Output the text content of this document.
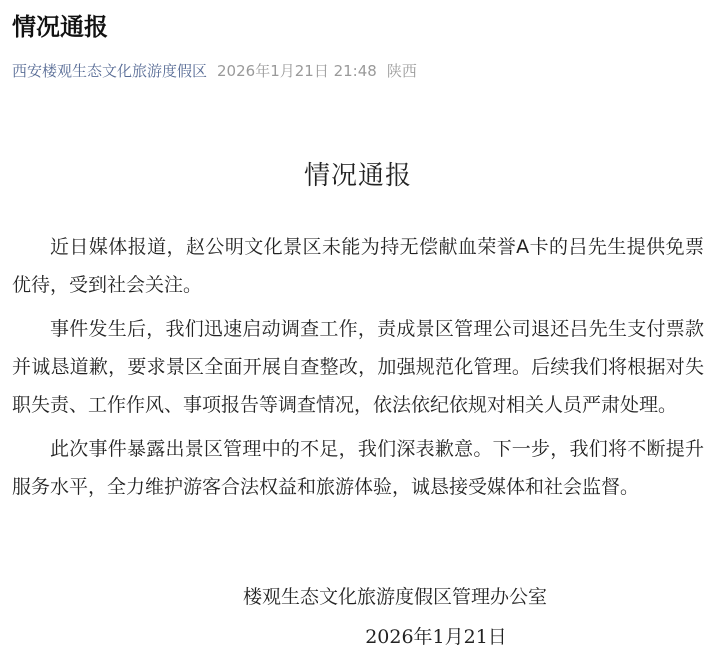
情况通报
西安楼观生态文化旅游度假区 2026年1月21日 21:48 陕西
情况通报

近日媒体报道，赵公明文化景区未能为持无偿献血荣誉A卡的吕先生提供免票优待，受到社会关注。

事件发生后，我们迅速启动调查工作，责成景区管理公司退还吕先生支付票款并诚恳道歉，要求景区全面开展自查整改，加强规范化管理。后续我们将根据对失职失责、工作作风、事项报告等调查情况，依法依纪依规对相关人员严肃处理。

此次事件暴露出景区管理中的不足，我们深表歉意。下一步，我们将不断提升服务水平，全力维护游客合法权益和旅游体验，诚恳接受媒体和社会监督。

楼观生态文化旅游度假区管理办公室
2026年1月21日
